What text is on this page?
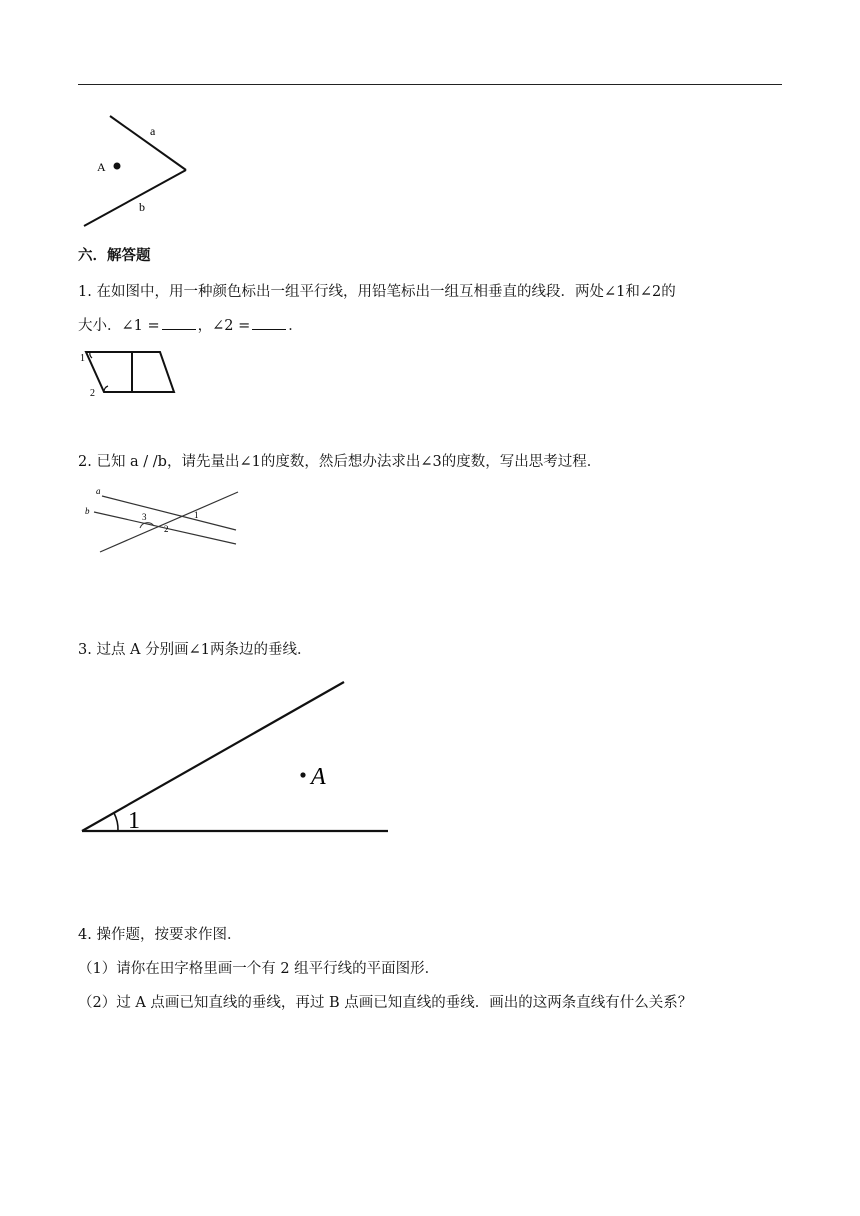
a
b
A
六．解答题
1. 在如图中，用一种颜色标出一组平行线，用铅笔标出一组互相垂直的线段．两处∠1和∠2的
大小．∠1 =	，∠2 =	．
1
2
2. 已知 a / /b，请先量出∠1的度数，然后想办法求出∠3的度数，写出思考过程．
a
b	1
2
3
3. 过点 A 分别画∠1两条边的垂线．
A
1
4. 操作题，按要求作图．
（1）请你在田字格里画一个有 2 组平行线的平面图形．
（2）过 A 点画已知直线的垂线，再过 B 点画已知直线的垂线．画出的这两条直线有什么关系？
